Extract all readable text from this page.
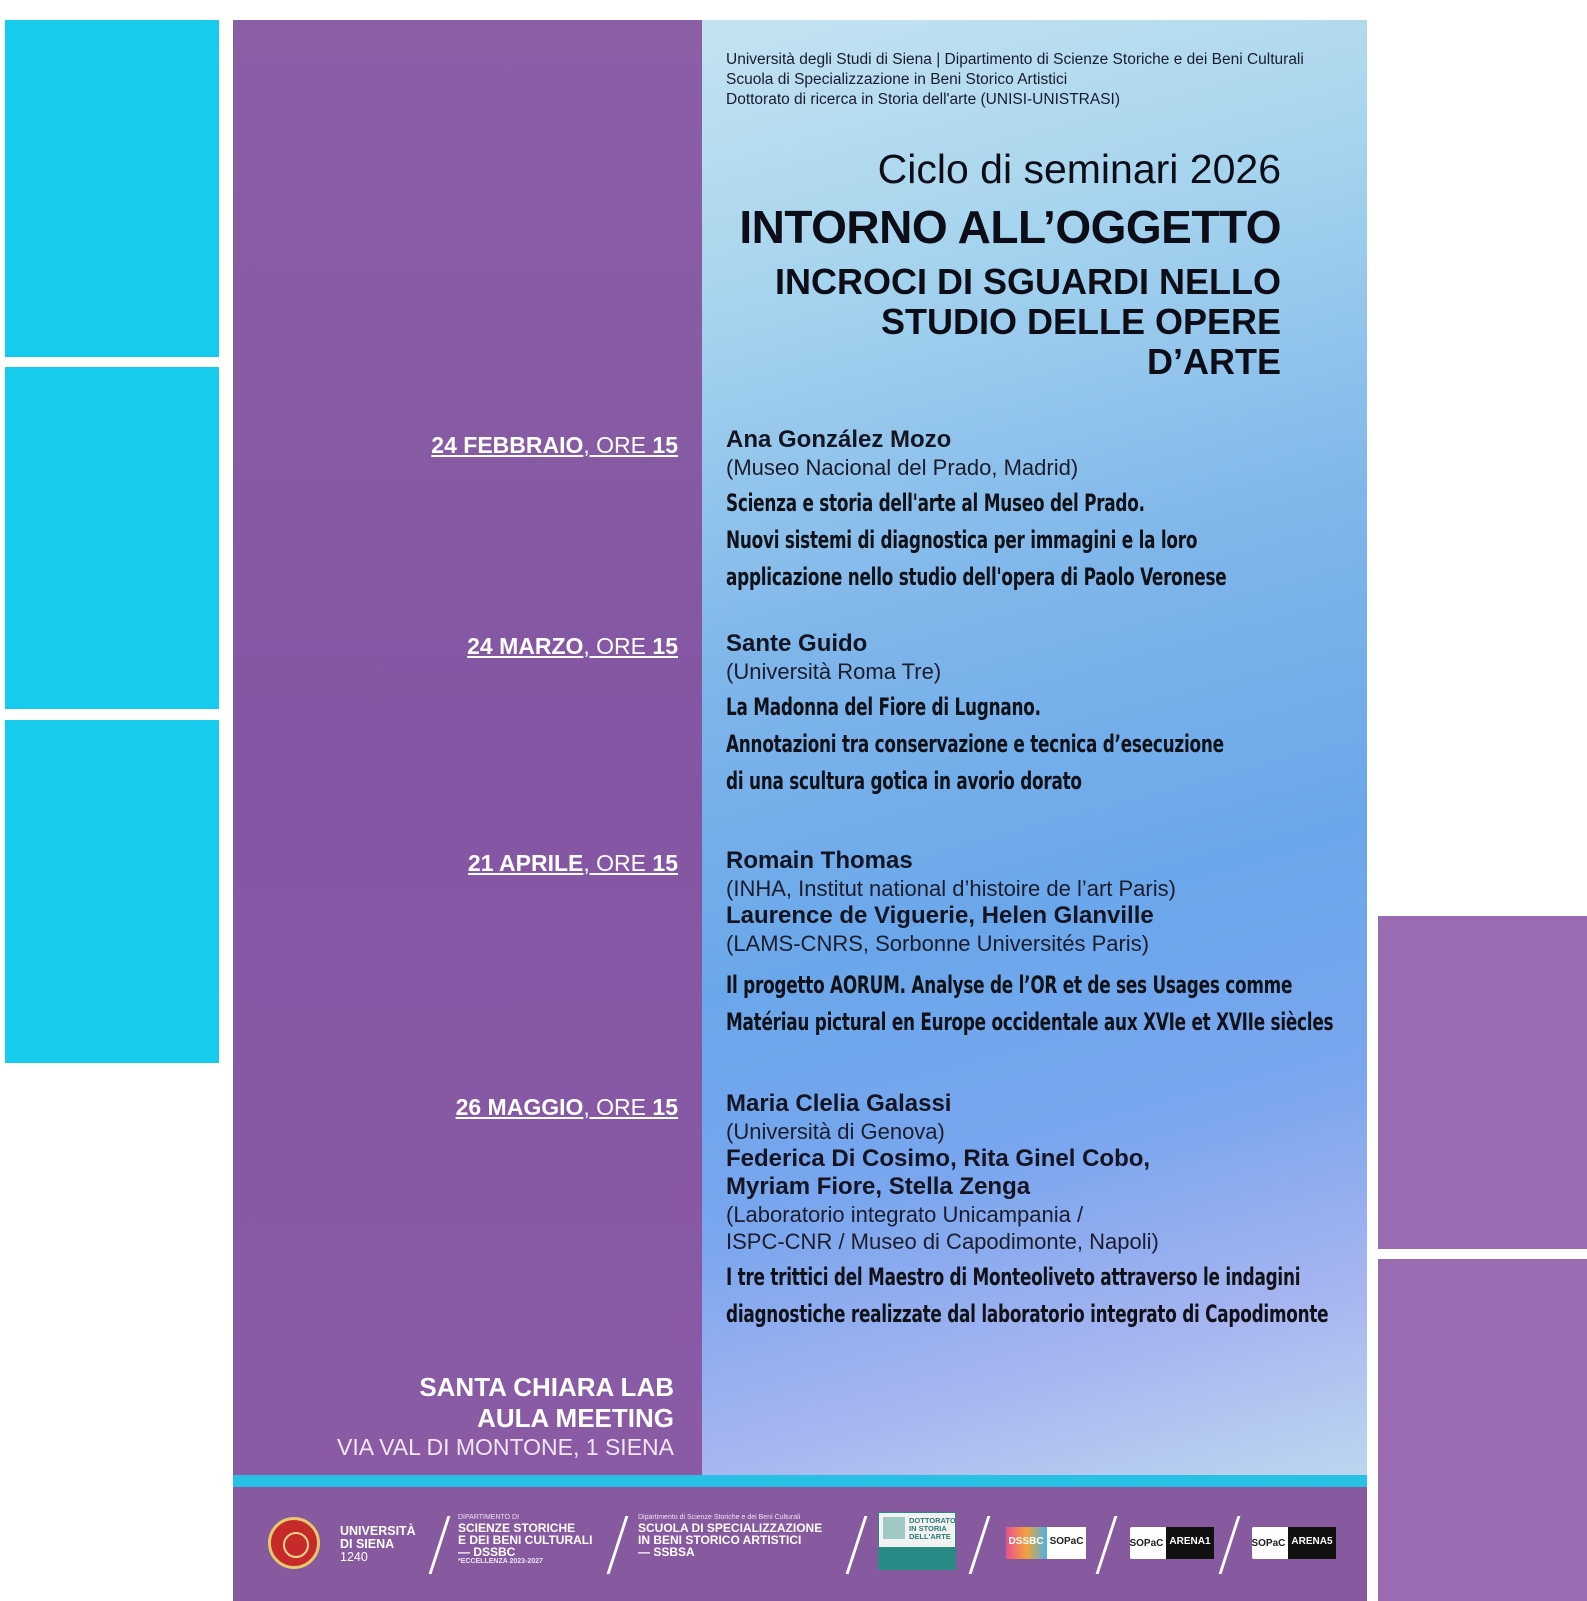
Università degli Studi di Siena | Dipartimento di Scienze Storiche e dei Beni Culturali
Scuola di Specializzazione in Beni Storico Artistici
Dottorato di ricerca in Storia dell'arte (UNISI-UNISTRASI)
Ciclo di seminari 2026
INTORNO ALL’OGGETTO
INCROCI DI SGUARDI NELLO
STUDIO DELLE OPERE
D’ARTE
24 FEBBRAIO, ORE 15 Ana González Mozo
(Museo Nacional del Prado, Madrid)
Scienza e storia dell'arte al Museo del Prado.
Nuovi sistemi di diagnostica per immagini e la loro
applicazione nello studio dell'opera di Paolo Veronese
24 MARZO, ORE 15 Sante Guido
(Università Roma Tre)
La Madonna del Fiore di Lugnano.
Annotazioni tra conservazione e tecnica d’esecuzione
di una scultura gotica in avorio dorato
21 APRILE, ORE 15 Romain Thomas
(INHA, Institut national d’histoire de l’art Paris)
Laurence de Viguerie, Helen Glanville
(LAMS-CNRS, Sorbonne Universités Paris)
Il progetto AORUM. Analyse de l’OR et de ses Usages comme
Matériau pictural en Europe occidentale aux XVIe et XVIIe siècles
26 MAGGIO, ORE 15 Maria Clelia Galassi
(Università di Genova)
Federica Di Cosimo, Rita Ginel Cobo,
Myriam Fiore, Stella Zenga
(Laboratorio integrato Unicampania /
ISPC-CNR / Museo di Capodimonte, Napoli)
I tre trittici del Maestro di Monteoliveto attraverso le indagini
diagnostiche realizzate dal laboratorio integrato di Capodimonte
SANTA CHIARA LAB
AULA MEETING
VIA VAL DI MONTONE, 1 SIENA
UNIVERSITÀ
DI SIENA
1240
DIPARTIMENTO DI
SCIENZE STORICHE
E DEI BENI CULTURALI
— DSSBC
*ECCELLENZA 2023-2027
Dipartimento di Scienze Storiche e dei Beni Culturali
SCUOLA DI SPECIALIZZAZIONE
IN BENI STORICO ARTISTICI
— SSBSA
DOTTORATO
IN STORIA
DELL'ARTE	DSSBC SOPaC	SOPaC ARENA1	SOPaC ARENA5
